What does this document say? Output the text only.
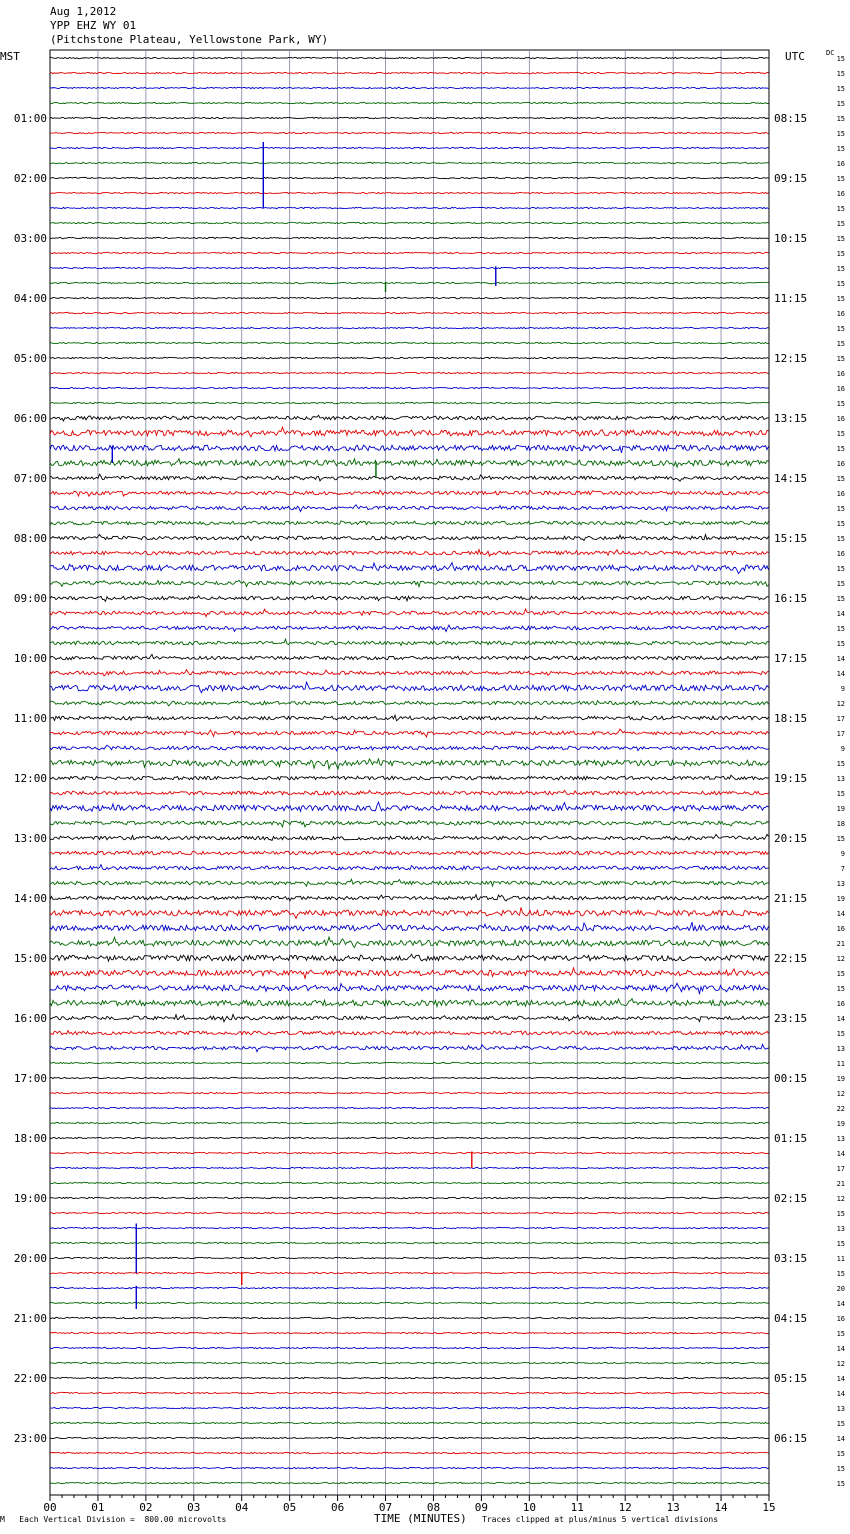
Aug 1,2012
YPP EHZ WY 01
(Pitchstone Plateau, Yellowstone Park, WY)
MST	UTC	DC
00	01	02	03	04	05	06	07	08	09	10	11	12	13	14	15
01:00
02:00
03:00
04:00
05:00
06:00
07:00
08:00
09:00
10:00
11:00
12:00
13:00
14:00
15:00
16:00
17:00
18:00
19:00
20:00
21:00
22:00
23:00
08:15
09:15
10:15
11:15
12:15
13:15
14:15
15:15
16:15
17:15
18:15
19:15
20:15
21:15
22:15
23:15
00:15
01:15
02:15
03:15
04:15
05:15
06:15
15
15
15
15
15
15
15
16
15
16
15
15
15
15
15
15
15
16
15
15
15
16
16
15
16
15
15
16
15
16
15
15
15
16
15
15
15
14
15
15
14
14
9
12
17
17
9
15
13
15
19
18
15
9
7
13
19
14
16
21
12
15
15
16
14
15
13
11
19
12
22
19
13
14
17
21
12
15
13
15
11
15
20
14
16
15
14
12
14
14
13
15
14
15
15
15
M   Each Vertical Division =  800.00 microvolts	TIME (MINUTES) Traces clipped at plus/minus 5 vertical divisions
